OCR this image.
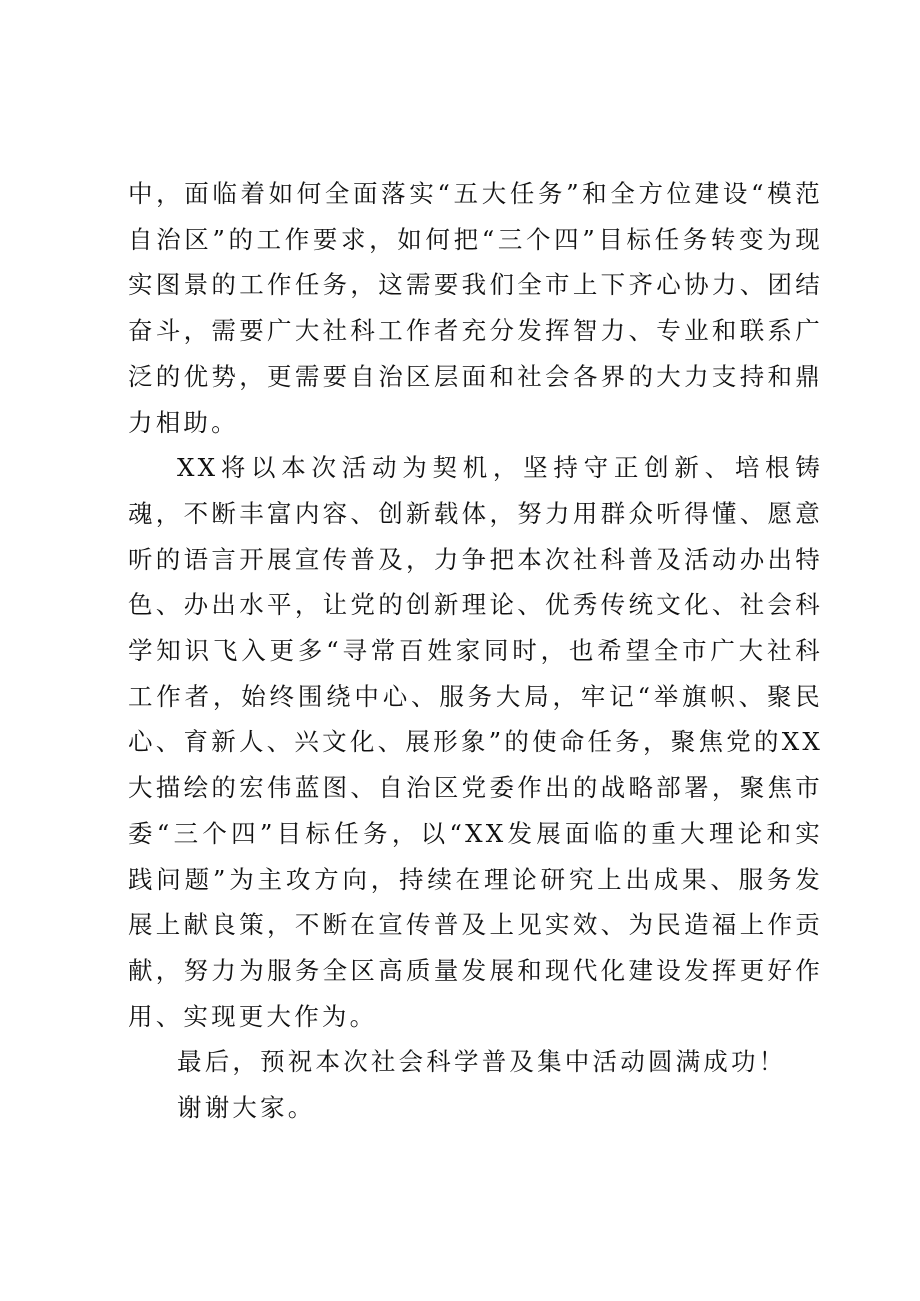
中，面临着如何全面落实“五大任务”和全方位建设“模范自治区”的工作要求，如何把“三个四”目标任务转变为现实图景的工作任务，这需要我们全市上下齐心协力、团结奋斗，需要广大社科工作者充分发挥智力、专业和联系广泛的优势，更需要自治区层面和社会各界的大力支持和鼎力相助。

XX将以本次活动为契机，坚持守正创新、培根铸魂，不断丰富内容、创新载体，努力用群众听得懂、愿意听的语言开展宣传普及，力争把本次社科普及活动办出特色、办出水平，让党的创新理论、优秀传统文化、社会科学知识飞入更多“寻常百姓家同时，也希望全市广大社科工作者，始终围绕中心、服务大局，牢记“举旗帜、聚民心、育新人、兴文化、展形象”的使命任务，聚焦党的XX大描绘的宏伟蓝图、自治区党委作出的战略部署，聚焦市委“三个四”目标任务，以“XX发展面临的重大理论和实践问题”为主攻方向，持续在理论研究上出成果、服务发展上献良策，不断在宣传普及上见实效、为民造福上作贡献，努力为服务全区高质量发展和现代化建设发挥更好作用、实现更大作为。

最后，预祝本次社会科学普及集中活动圆满成功！

谢谢大家。
